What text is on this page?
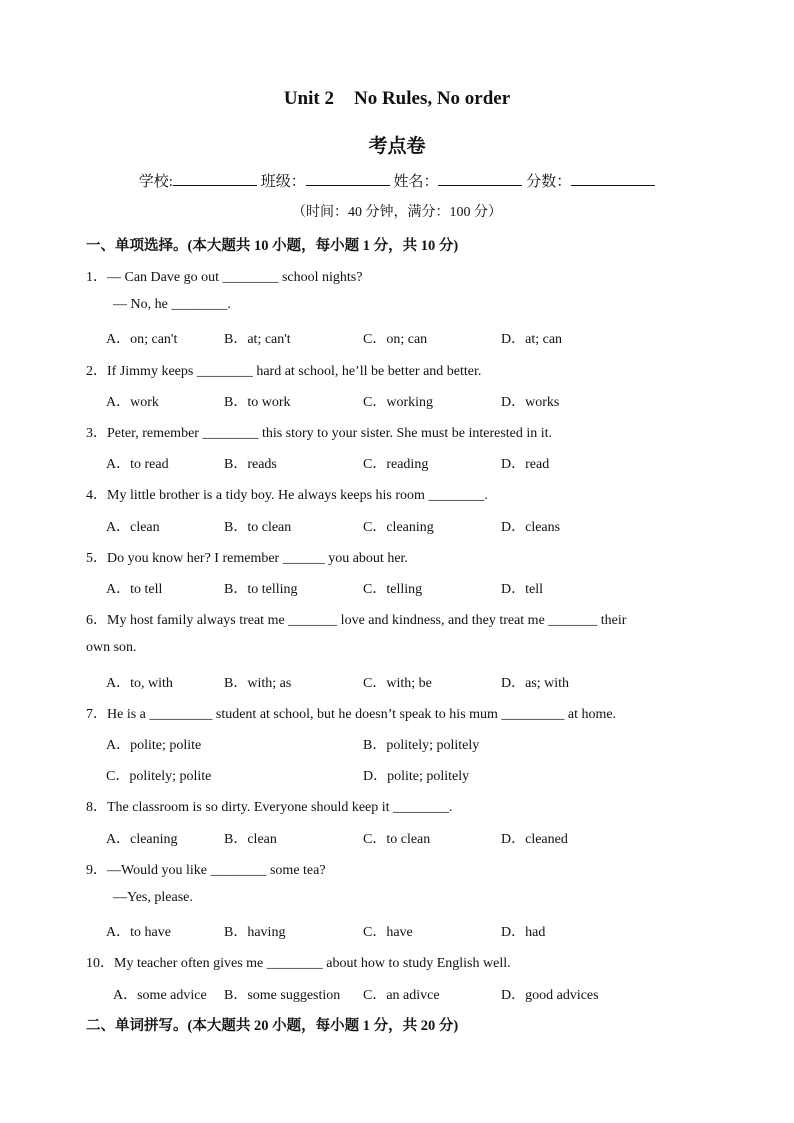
Unit 2 No Rules, No order
考点卷
学校:	班级：	姓名：	分数：
（时间：40 分钟，满分：100 分）
一、单项选择。(本大题共 10 小题，每小题 1 分，共 10 分)
1．— Can Dave go out ________ school nights?
— No, he ________.
A．on; can't	B．at; can't	C．on; can	D．at; can
2．If Jimmy keeps ________ hard at school, he’ll be better and better.
A．work	B．to work	C．working	D．works
3．Peter, remember ________ this story to your sister. She must be interested in it.
A．to read	B．reads	C．reading	D．read
4．My little brother is a tidy boy. He always keeps his room ________.
A．clean	B．to clean	C．cleaning	D．cleans
5．Do you know her? I remember ______ you about her.
A．to tell	B．to telling	C．telling	D．tell
6．My host family always treat me _______ love and kindness, and they treat me _______ their
own son.
A．to, with	B．with; as	C．with; be	D．as; with
7．He is a _________ student at school, but he doesn’t speak to his mum _________ at home.
A．polite; polite	B．politely; politely
C．politely; polite	D．polite; politely
8．The classroom is so dirty. Everyone should keep it ________.
A．cleaning	B．clean	C．to clean	D．cleaned
9．—Would you like ________ some tea?
—Yes, please.
A．to have	B．having	C．have	D．had
10．My teacher often gives me ________ about how to study English well.
A．some advice B．some suggestion C．an adivce	D．good advices
二、单词拼写。(本大题共 20 小题，每小题 1 分，共 20 分)
